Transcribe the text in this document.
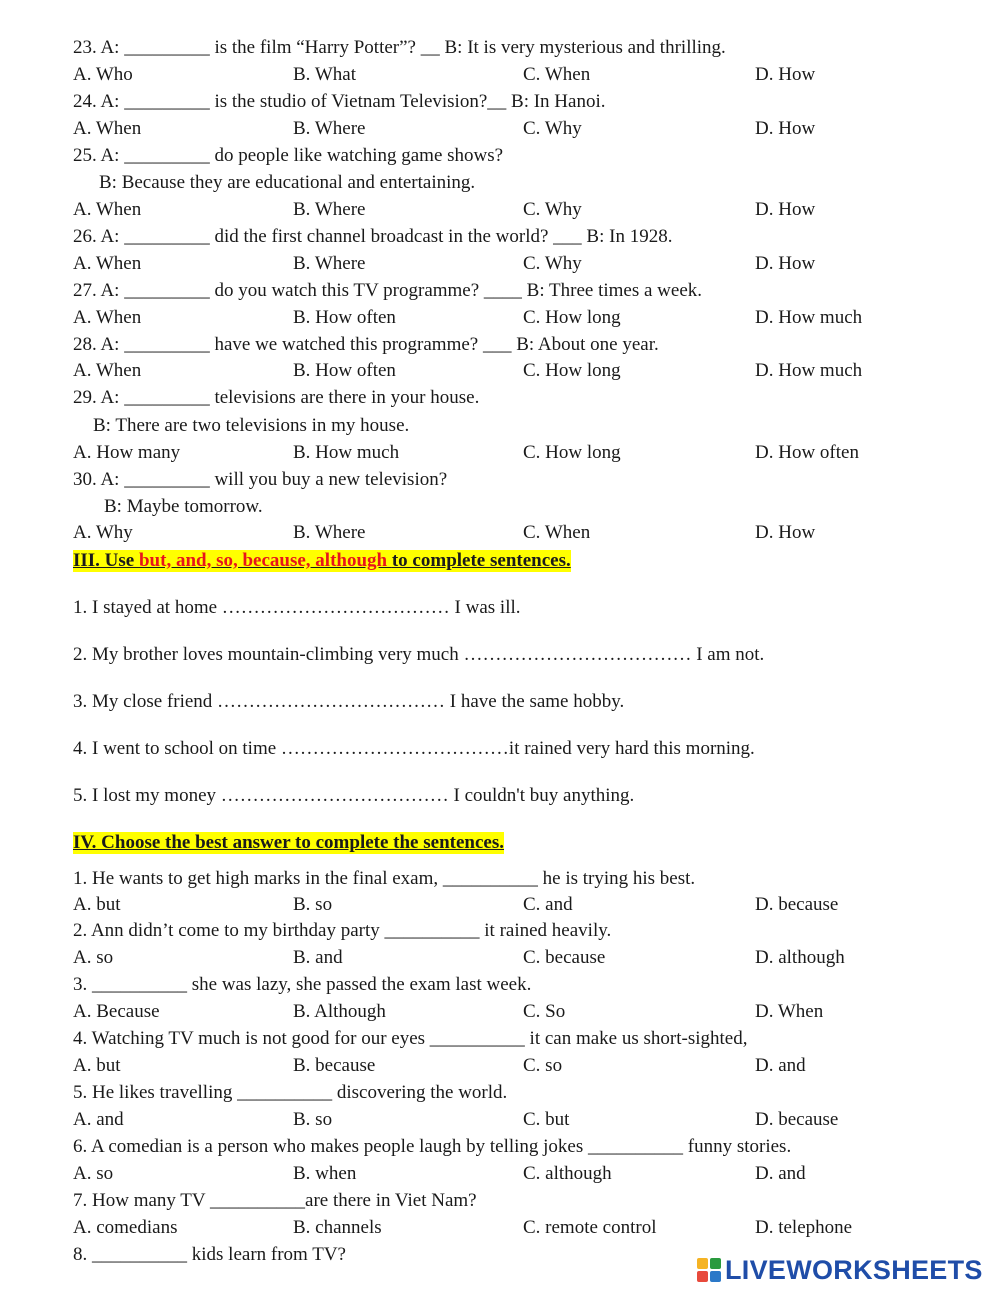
23. A: _________ is the film “Harry Potter”? __ B: It is very mysterious and thrilling.
A. Who	B. What	C. When	D. How
24. A: _________ is the studio of Vietnam Television?__ B: In Hanoi.
A. When	B. Where	C. Why	D. How
25. A: _________ do people like watching game shows?
B: Because they are educational and entertaining.
A. When	B. Where	C. Why	D. How
26. A: _________ did the first channel broadcast in the world? ___ B: In 1928.
A. When	B. Where	C. Why	D. How
27. A: _________ do you watch this TV programme? ____ B: Three times a week.
A. When	B. How often	C. How long	D. How much
28. A: _________ have we watched this programme? ___ B: About one year.
A. When	B. How often	C. How long	D. How much
29. A: _________ televisions are there in your house.
B: There are two televisions in my house.
A. How many	B. How much	C. How long	D. How often
30. A: _________ will you buy a new television?
B: Maybe tomorrow.
A. Why	B. Where	C. When	D. How
III. Use but, and, so, because, although to complete sentences.
1. I stayed at home ……………………………… I was ill.
2. My brother loves mountain-climbing very much ……………………………… I am not.
3. My close friend ……………………………… I have the same hobby.
4. I went to school on time ………………………………it rained very hard this morning.
5. I lost my money ……………………………… I couldn't buy anything.
IV. Choose the best answer to complete the sentences.
1. He wants to get high marks in the final exam, __________ he is trying his best.
A. but	B. so	C. and	D. because
2. Ann didn’t come to my birthday party __________ it rained heavily.
A. so	B. and	C. because	D. although
3. __________ she was lazy, she passed the exam last week.
A. Because	B. Although	C. So	D. When
4. Watching TV much is not good for our eyes __________ it can make us short-sighted,
A. but	B. because	C. so	D. and
5. He likes travelling __________ discovering the world.
A. and	B. so	C. but	D. because
6. A comedian is a person who makes people laugh by telling jokes __________ funny stories.
A. so	B. when	C. although	D. and
7. How many TV __________are there in Viet Nam?
A. comedians	B. channels	C. remote control	D. telephone
8. __________ kids learn from TV?	LIVEWORKSHEETS
